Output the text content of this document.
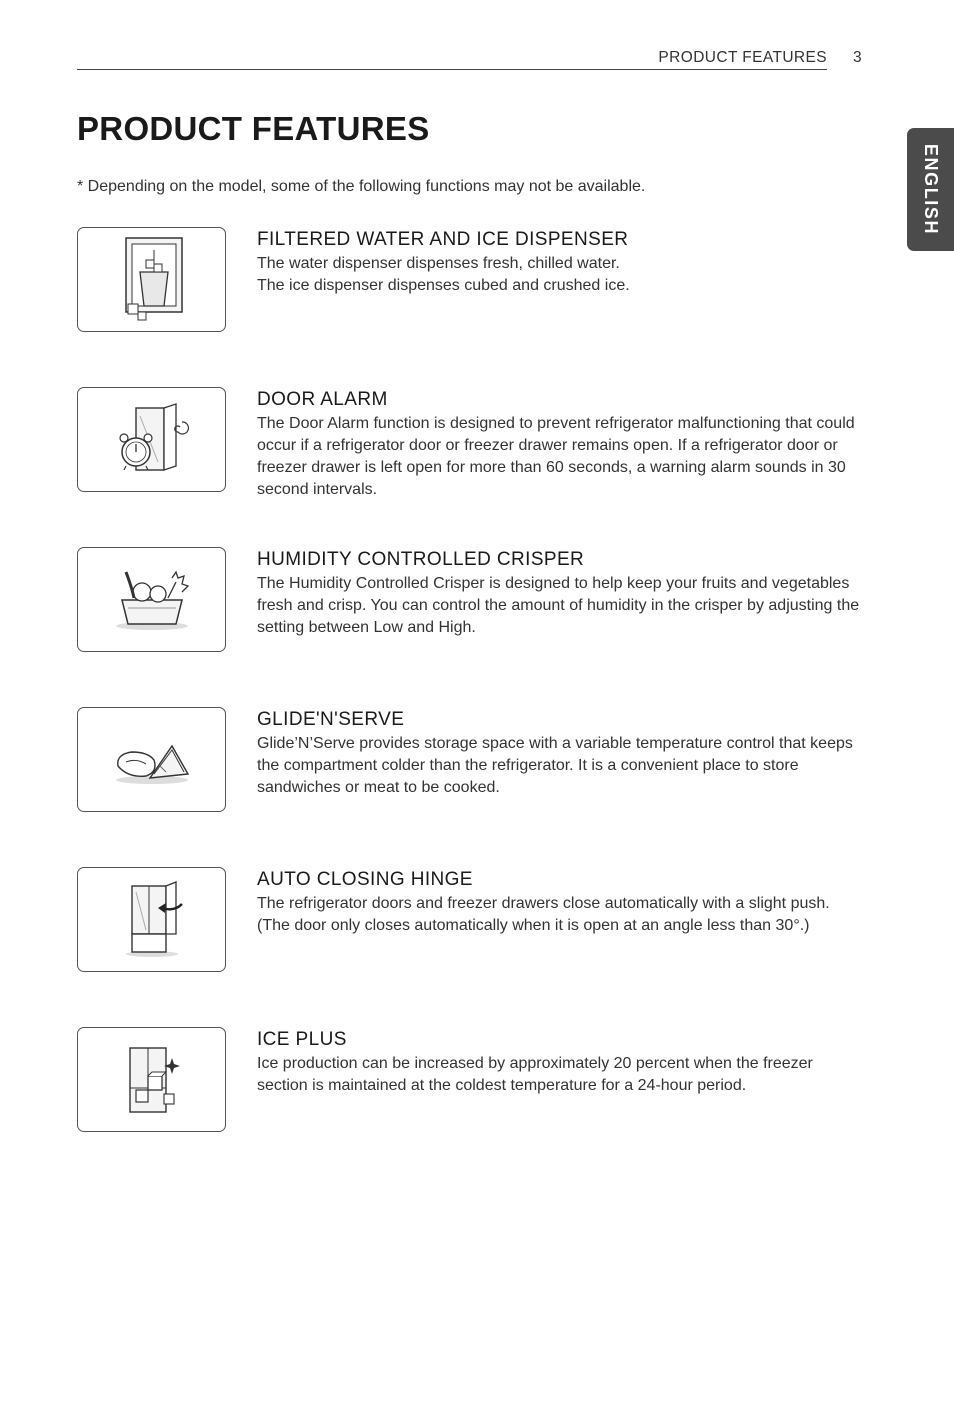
PRODUCT FEATURES 3
ENGLISH
PRODUCT FEATURES

* Depending on the model, some of the following functions may not be available.

FILTERED WATER AND ICE DISPENSER

The water dispenser dispenses fresh, chilled water.
The ice dispenser dispenses cubed and crushed ice.

DOOR ALARM

The Door Alarm function is designed to prevent refrigerator malfunctioning that could occur if a refrigerator door or freezer drawer remains open. If a refrigerator door or freezer drawer is left open for more than 60 seconds, a warning alarm sounds in 30 second intervals.

HUMIDITY CONTROLLED CRISPER

The Humidity Controlled Crisper is designed to help keep your fruits and vegetables fresh and crisp. You can control the amount of humidity in the crisper by adjusting the setting between Low and High.

GLIDE'N'SERVE

Glide’N’Serve provides storage space with a variable temperature control that keeps the compartment colder than the refrigerator. It is a convenient place to store sandwiches or meat to be cooked.

AUTO CLOSING HINGE

The refrigerator doors and freezer drawers close automatically with a slight push. (The door only closes automatically when it is open at an angle less than 30°.)

ICE PLUS

Ice production can be increased by approximately 20 percent when the freezer section is maintained at the coldest temperature for a 24-hour period.
